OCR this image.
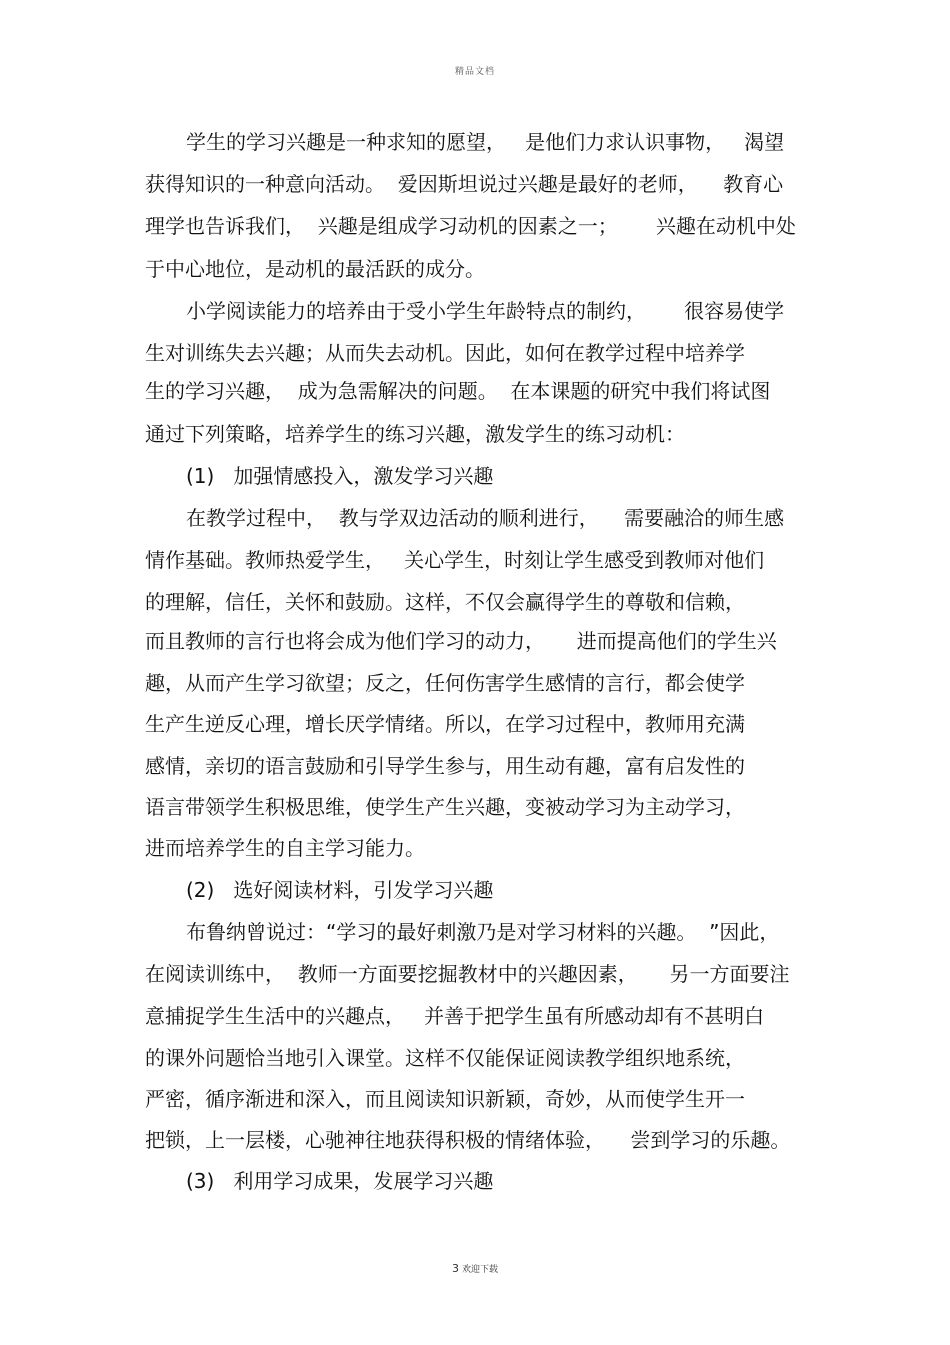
精品文档
学生的学习兴趣是一种求知的愿望，   是他们力求认识事物，   渴望
获得知识的一种意向活动。  爱因斯坦说过兴趣是最好的老师，    教育心
理学也告诉我们，  兴趣是组成学习动机的因素之一；      兴趣在动机中处
于中心地位，是动机的最活跃的成分。
小学阅读能力的培养由于受小学生年龄特点的制约，      很容易使学
生对训练失去兴趣；从而失去动机。因此，如何在教学过程中培养学
生的学习兴趣，  成为急需解决的问题。  在本课题的研究中我们将试图
通过下列策略，培养学生的练习兴趣，激发学生的练习动机：
(1)   加强情感投入，激发学习兴趣
在教学过程中，  教与学双边活动的顺利进行，    需要融洽的师生感
情作基础。教师热爱学生，   关心学生，时刻让学生感受到教师对他们
的理解，信任，关怀和鼓励。这样，不仅会赢得学生的尊敬和信赖，
而且教师的言行也将会成为他们学习的动力，     进而提高他们的学生兴
趣，从而产生学习欲望；反之，任何伤害学生感情的言行，都会使学
生产生逆反心理，增长厌学情绪。所以，在学习过程中，教师用充满
感情，亲切的语言鼓励和引导学生参与，用生动有趣，富有启发性的
语言带领学生积极思维，使学生产生兴趣，变被动学习为主动学习，
进而培养学生的自主学习能力。
(2)   选好阅读材料，引发学习兴趣
布鲁纳曾说过：“学习的最好刺激乃是对学习材料的兴趣。  ”因此，
在阅读训练中，  教师一方面要挖掘教材中的兴趣因素，     另一方面要注
意捕捉学生生活中的兴趣点，   并善于把学生虽有所感动却有不甚明白
的课外问题恰当地引入课堂。这样不仅能保证阅读教学组织地系统，
严密，循序渐进和深入，而且阅读知识新颖，奇妙，从而使学生开一
把锁，上一层楼，心驰神往地获得积极的情绪体验，    尝到学习的乐趣。
(3)   利用学习成果，发展学习兴趣
3 欢迎下载
